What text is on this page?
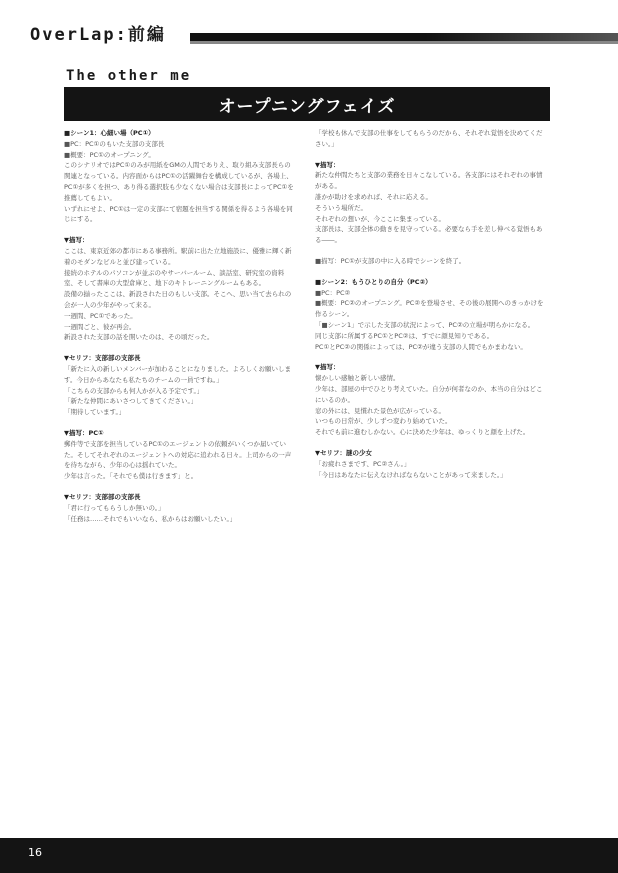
OverLap:前編
The other me
オープニングフェイズ

■シーン1：心細い場（PC①）

■PC：PC①のもいた支部の支部長

■概要：PC①のオープニング。

このシナリオではPC①のみが用紙をGMの人間でありえ、取り組み支部長らの関連となっている。内容面からはPC①の活躍舞台を構成しているが、各場上、PC①が多くを担つ、あり得る選択肢も少なくない場合は支部長によってPC①を推薦してもよい。

いずれにせよ、PC①は一定の支部にて宿題を担当する関係を得るよう各場を同じにする。

▼描写：

ここは、東京近郊の都市にある事務所。駅前に出た立地施設に、優雅に輝く新着のモダンなビルと並び建っている。

接続のホテルのパソコンが並ぶのやサーバールーム、談話室、研究室の資料室、そして書庫の大型倉庫と、地下のキトレーニングルームもある。

設備の揃ったここは、新設された日のもしい支部。そこへ、思い当て去られの会が一人の少年がやって来る。

一週間、PC①であった。

一週間ごと、彼が再会。

新設された支部の話を開いたのは、その頃だった。

▼セリフ：支部部の支部長

「新たに入の新しいメンバーが加わることになりました。よろしくお願いします。今日からあなたも私たちのチームの一員ですね。」

「こちらの支部からも何人かが入る予定です。」

「新たな仲間にあいさつしてきてください。」

「期待しています。」

▼描写：PC①

郵件等で支部を担当しているPC①のエージェントの依頼がいくつか届いていた。そしてそれぞれのエージェントへの対応に追われる日々。上司からの一声を待ちながら、少年の心は揺れていた。

少年は言った。「それでも僕は行きます」と。

▼セリフ：支部部の支部長

「君に行ってもらうしか無いの。」

「任務は……それでもいいなら、私からはお願いしたい。」

「学校も休んで支部の仕事をしてもらうのだから、それぞれ覚悟を決めてください。」

▼描写：

新たな仲間たちと支部の業務を日々こなしている。各支部にはそれぞれの事情がある。

誰かが助けを求めれば、それに応える。

そういう場所だ。

それぞれの想いが、今ここに集まっている。

支部長は、支部全体の動きを見守っている。必要なら手を差し伸べる覚悟もある――。

■描写：PC①が支部の中に入る時でシーンを終了。

■シーン2：もうひとりの自分（PC②）

■PC：PC②

■概要：PC②のオープニング。PC②を登場させ、その後の展開へのきっかけを作るシーン。

「■シーン1」で示した支部の状況によって、PC②の立場が明らかになる。

同じ支部に所属するPC①とPC②は、すでに顔見知りである。

PC①とPC②の関係によっては、PC②が違う支部の人間でもかまわない。

▼描写：

懐かしい感触と新しい感情。

少年は、部屋の中でひとり考えていた。自分が何者なのか、本当の自分はどこにいるのか。

窓の外には、見慣れた景色が広がっている。

いつもの日常が、少しずつ変わり始めていた。

それでも前に進むしかない。心に決めた少年は、ゆっくりと顔を上げた。

▼セリフ：謎の少女

「お疲れさまです、PC②さん。」

「今日はあなたに伝えなければならないことがあって来ました。」

16
